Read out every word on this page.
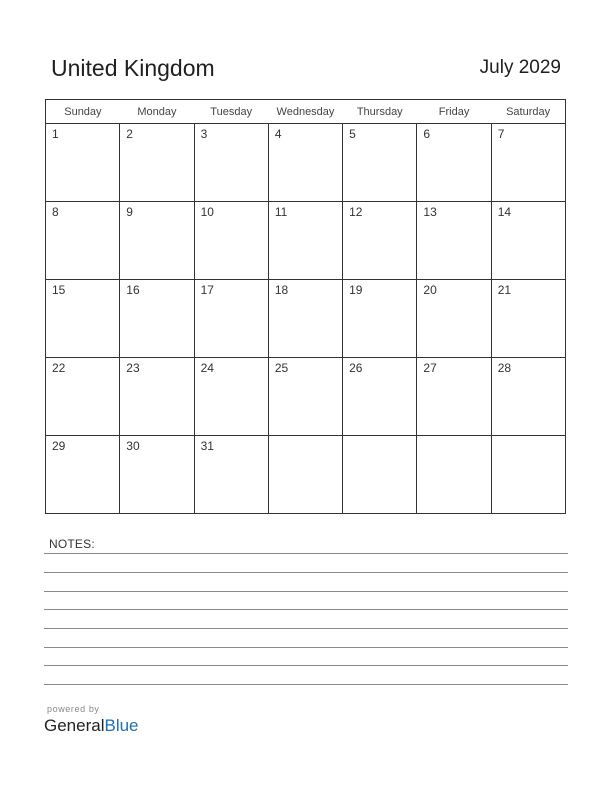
United Kingdom	July 2029
Sunday	Monday	Tuesday	Wednesday	Thursday	Friday	Saturday

1	2	3	4	5	6	7

8	9	10	11	12	13	14

15	16	17	18	19	20	21

22	23	24	25	26	27	28

29	30	31				

NOTES:
powered by
GeneralBlue
